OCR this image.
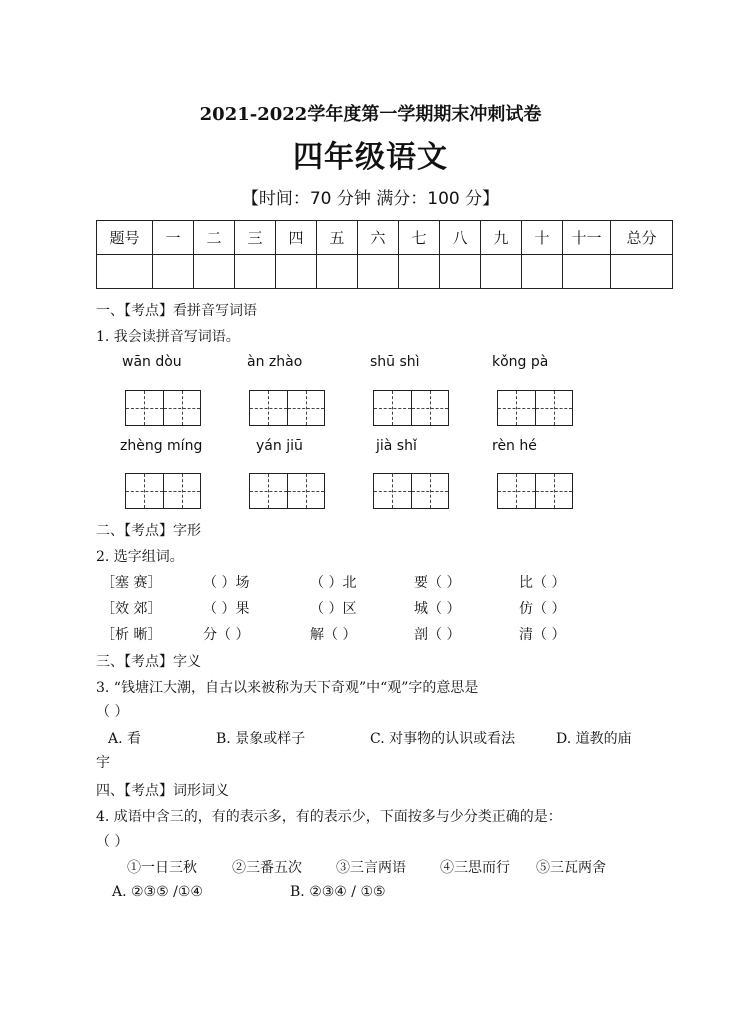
2021-2022学年度第一学期期末冲刺试卷
四年级语文
【时间：70 分钟 满分：100 分】
题号	一	二	三	四	五	六	七	八	九	十	十一	总分

一、【考点】看拼音写词语
1. 我会读拼音写词语。
wān dòu	àn zhào	shū shì	kǒng pà
zhèng míng	yán jiū	jià shǐ	rèn hé
二、【考点】字形
2. 选字组词。
［塞 赛］	（ ）场	（ ）北	要（ ）	比（ ）
［效 郊］	（ ）果	（ ）区	城（ ）	仿（ ）
［析 晰］	分（ ）	解（ ）	剖（ ）	清（ ）
三、【考点】字义
3. “钱塘江大潮，自古以来被称为天下奇观”中“观”字的意思是
（ ）
A. 看	B. 景象或样子	C. 对事物的认识或看法	D. 道教的庙
宇
四、【考点】词形词义
4. 成语中含三的，有的表示多，有的表示少，下面按多与少分类正确的是：
（ ）
①一日三秋	②三番五次 ③三言两语 ④三思而行 ⑤三瓦两舍
A. ②③⑤ /①④	B. ②③④ / ①⑤
